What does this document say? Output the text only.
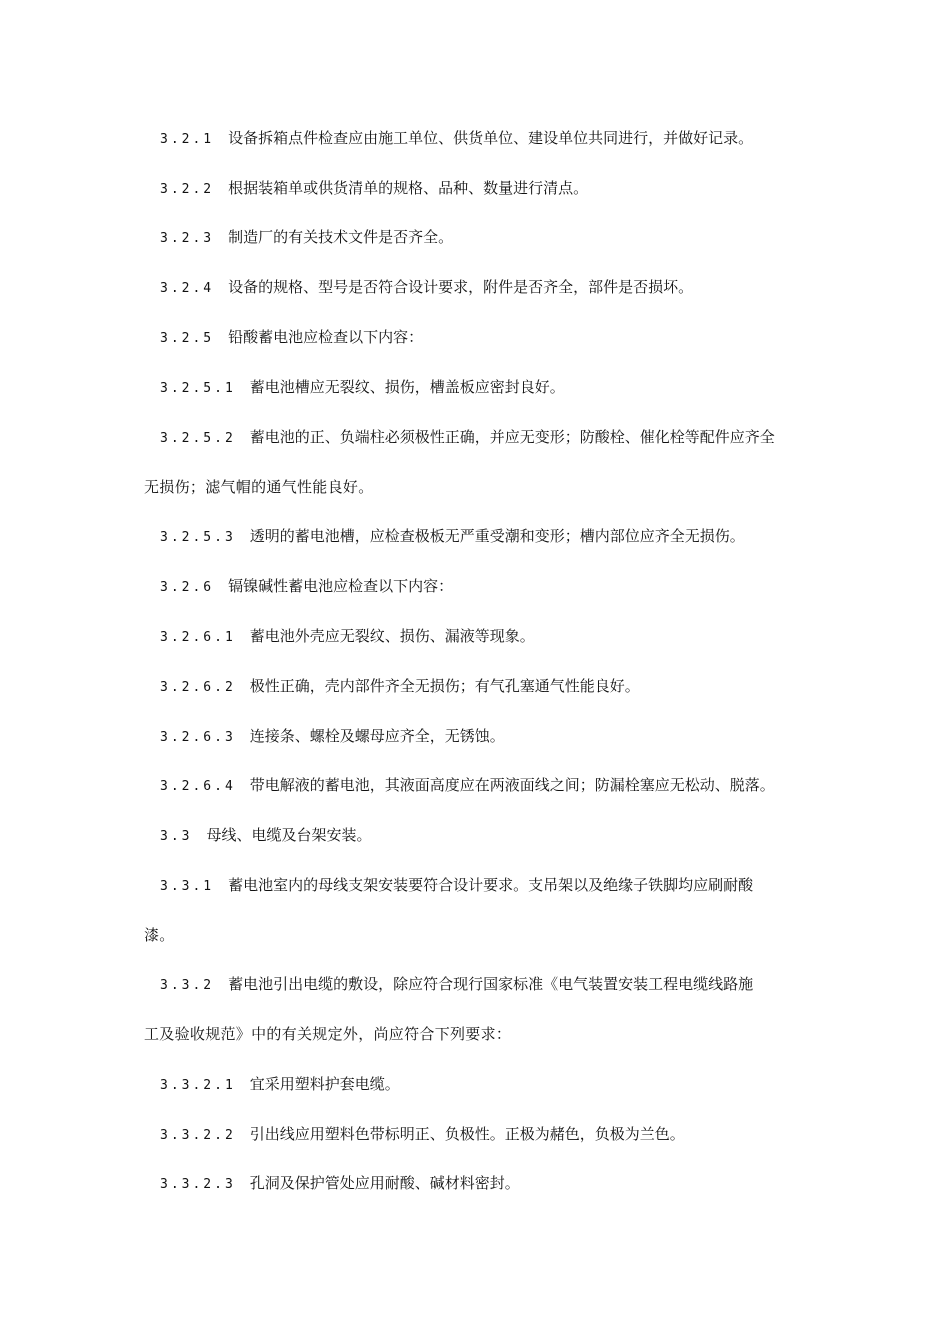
3.2.1 设备拆箱点件检查应由施工单位、供货单位、建设单位共同进行，并做好记录。
3.2.2 根据装箱单或供货清单的规格、品种、数量进行清点。
3.2.3 制造厂的有关技术文件是否齐全。
3.2.4 设备的规格、型号是否符合设计要求，附件是否齐全，部件是否损坏。
3.2.5 铅酸蓄电池应检查以下内容：
3.2.5.1 蓄电池槽应无裂纹、损伤，槽盖板应密封良好。
3.2.5.2 蓄电池的正、负端柱必须极性正确，并应无变形；防酸栓、催化栓等配件应齐全
无损伤；滤气帽的通气性能良好。
3.2.5.3 透明的蓄电池槽，应检查极板无严重受潮和变形；槽内部位应齐全无损伤。
3.2.6 镉镍碱性蓄电池应检查以下内容：
3.2.6.1 蓄电池外壳应无裂纹、损伤、漏液等现象。
3.2.6.2 极性正确，壳内部件齐全无损伤；有气孔塞通气性能良好。
3.2.6.3 连接条、螺栓及螺母应齐全，无锈蚀。
3.2.6.4 带电解液的蓄电池，其液面高度应在两液面线之间；防漏栓塞应无松动、脱落。
3.3 母线、电缆及台架安装。
3.3.1 蓄电池室内的母线支架安装要符合设计要求。支吊架以及绝缘子铁脚均应刷耐酸
漆。
3.3.2 蓄电池引出电缆的敷设，除应符合现行国家标准《电气装置安装工程电缆线路施
工及验收规范》中的有关规定外，尚应符合下列要求：
3.3.2.1 宜采用塑料护套电缆。
3.3.2.2 引出线应用塑料色带标明正、负极性。正极为赭色，负极为兰色。
3.3.2.3 孔洞及保护管处应用耐酸、碱材料密封。
